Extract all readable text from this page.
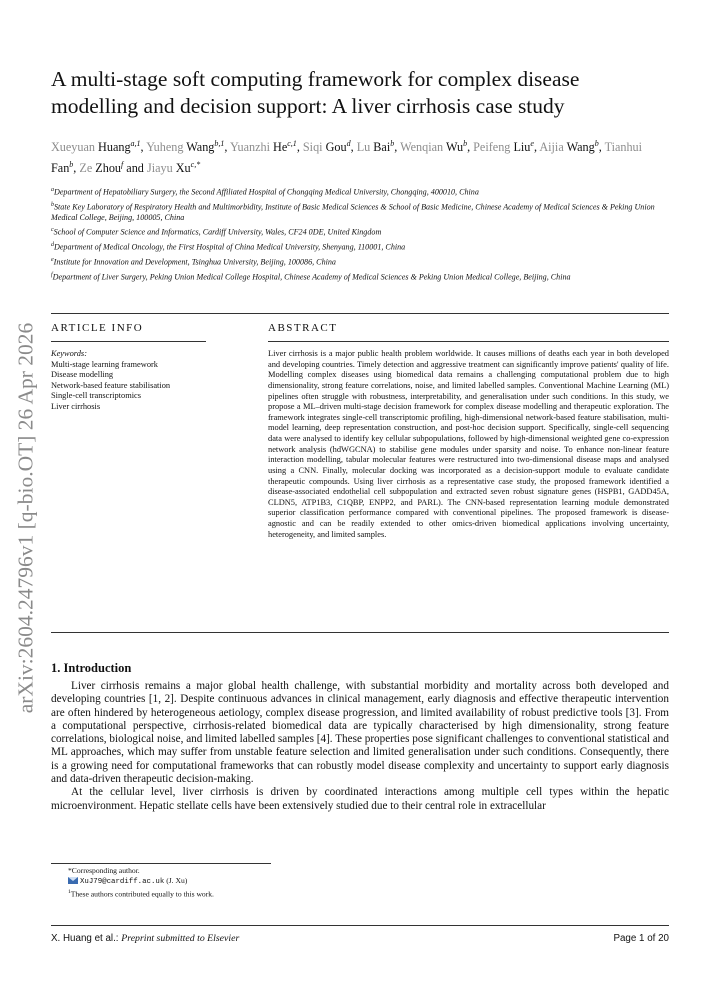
arXiv:2604.24796v1 [q-bio.OT] 26 Apr 2026
A multi-stage soft computing framework for complex disease modelling and decision support: A liver cirrhosis case study
Xueyuan Huang$^{a,1}$, Yuheng Wang$^{b,1}$, Yuanzhi He$^{c,1}$, Siqi Gou$^d$, Lu Bai$^b$, Wenqian Wu$^b$, Peifeng Liu$^e$, Aijia Wang$^b$, Tianhui Fan$^b$, Ze Zhou$^f$ and Jiayu $Xu^{c,*}$

$^a$Department of Hepatobiliary Surgery, the Second Affiliated Hospital of Chongqing Medical University, Chongqing, 400010, China

$^b$State Key Laboratory of Respiratory Health and Multimorbidity, Institute of Basic Medical Sciences & School of Basic Medicine, Chinese Academy of Medical Sciences & Peking Union Medical College, Beijing, 100005, China

$^c$School of Computer Science and Informatics, Cardiff University, Wales, CF24 0DE, United Kingdom

$^d$Department of Medical Oncology, the First Hospital of China Medical University, Shenyang, 110001, China

$^e$Institute for Innovation and Development, Tsinghua University, Beijing, 100086, China

$^f$Department of Liver Surgery, Peking Union Medical College Hospital, Chinese Academy of Medical Sciences & Peking Union Medical College, Beijing, China

ARTICLE INFO	ABSTRACT
Keywords:
Multi-stage learning framework
Disease modelling
Network-based feature stabilisation
Single-cell transcriptomics
Liver cirrhosis
Liver cirrhosis is a major public health problem worldwide. It causes millions of deaths each year in both developed and developing countries. Timely detection and aggressive treatment can significantly improve patients' quality of life. Modelling complex diseases using biomedical data remains a challenging computational problem due to high dimensionality, strong feature correlations, noise, and limited labelled samples. Conventional Machine Learning (ML) pipelines often struggle with robustness, interpretability, and generalisation under such conditions. In this study, we propose a ML–driven multi-stage decision framework for complex disease modelling and therapeutic exploration. The framework integrates single-cell transcriptomic profiling, high-dimensional network-based feature stabilisation, multi-model learning, deep representation construction, and post-hoc decision support. Specifically, single-cell sequencing data were analysed to identify key cellular subpopulations, followed by high-dimensional weighted gene co-expression network analysis (hdWGCNA) to stabilise gene modules under sparsity and noise. To enhance non-linear feature interaction modelling, tabular molecular features were restructured into two-dimensional disease maps and analysed using a CNN. Finally, molecular docking was incorporated as a decision-support module to evaluate candidate therapeutic compounds. Using liver cirrhosis as a representative case study, the proposed framework identified a disease-associated endothelial cell subpopulation and extracted seven robust signature genes (HSPB1, GADD45A, CLDN5, ATP1B3, C1QBP, ENPP2, and PARL). The CNN-based representation learning module demonstrated superior classification performance compared with conventional pipelines. The proposed framework is disease-agnostic and can be readily extended to other omics-driven biomedical applications involving uncertainty, heterogeneity, and limited samples.
1. Introduction

Liver cirrhosis remains a major global health challenge, with substantial morbidity and mortality across both developed and developing countries [1, 2]. Despite continuous advances in clinical management, early diagnosis and effective therapeutic intervention are often hindered by heterogeneous aetiology, complex disease progression, and limited availability of robust predictive tools [3]. From a computational perspective, cirrhosis-related biomedical data are typically characterised by high dimensionality, strong feature correlations, biological noise, and limited labelled samples [4]. These properties pose significant challenges to conventional statistical and ML approaches, which may suffer from unstable feature selection and limited generalisation under such conditions. Consequently, there is a growing need for computational frameworks that can robustly model disease complexity and uncertainty to support early diagnosis and data-driven therapeutic decision-making.

At the cellular level, liver cirrhosis is driven by coordinated interactions among multiple cell types within the hepatic microenvironment. Hepatic stellate cells have been extensively studied due to their central role in extracellular

*Corresponding author.
XuJ79@cardiff.ac.uk (J. Xu)
$^1$These authors contributed equally to this work.
X. Huang et al.: Preprint submitted to Elsevier	Page 1 of 20
